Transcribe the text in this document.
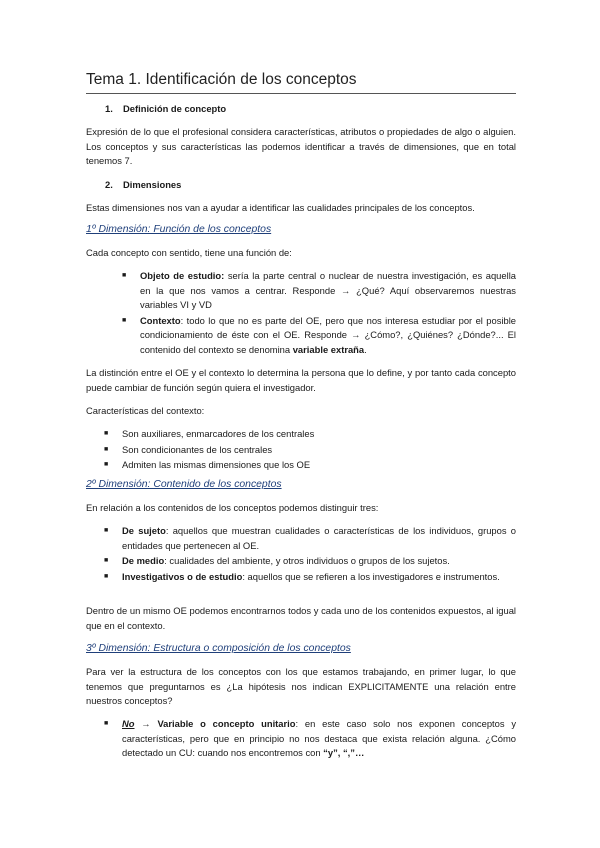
Tema 1. Identificación de los conceptos
1. Definición de concepto

Expresión de lo que el profesional considera características, atributos o propiedades de algo o alguien. Los conceptos y sus características las podemos identificar a través de dimensiones, que en total tenemos 7.

2. Dimensiones

Estas dimensiones nos van a ayudar a identificar las cualidades principales de los conceptos.

1º Dimensión: Función de los conceptos

Cada concepto con sentido, tiene una función de:

■ Objeto de estudio: sería la parte central o nuclear de nuestra investigación, es aquella en la que nos vamos a centrar. Responde → ¿Qué? Aquí observaremos nuestras variables VI y VD
■ Contexto: todo lo que no es parte del OE, pero que nos interesa estudiar por el posible condicionamiento de éste con el OE. Responde → ¿Cómo?, ¿Quiénes? ¿Dónde?... El contenido del contexto se denomina variable extraña.

La distinción entre el OE y el contexto lo determina la persona que lo define, y por tanto cada concepto puede cambiar de función según quiera el investigador.

Características del contexto:

■ Son auxiliares, enmarcadores de los centrales
■ Son condicionantes de los centrales
■ Admiten las mismas dimensiones que los OE
2º Dimensión: Contenido de los conceptos

En relación a los contenidos de los conceptos podemos distinguir tres:

■ De sujeto: aquellos que muestran cualidades o características de los individuos, grupos o entidades que pertenecen al OE.
■ De medio: cualidades del ambiente, y otros individuos o grupos de los sujetos.
■ Investigativos o de estudio: aquellos que se refieren a los investigadores e instrumentos.

Dentro de un mismo OE podemos encontrarnos todos y cada uno de los contenidos expuestos, al igual que en el contexto.

3º Dimensión: Estructura o composición de los conceptos

Para ver la estructura de los conceptos con los que estamos trabajando, en primer lugar, lo que tenemos que preguntarnos es ¿La hipótesis nos indican EXPLICITAMENTE una relación entre nuestros conceptos?

■ No → Variable o concepto unitario: en este caso solo nos exponen conceptos y características, pero que en principio no nos destaca que exista relación alguna. ¿Cómo detectado un CU: cuando nos encontremos con “y”, “,”…
